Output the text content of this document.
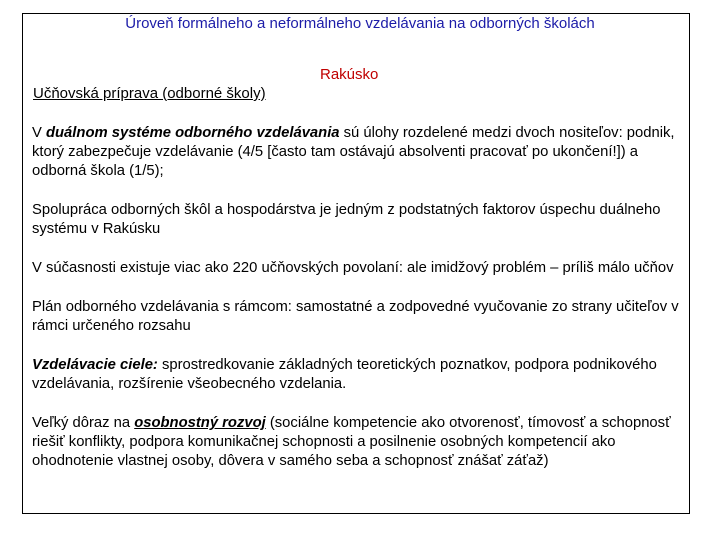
Úroveň formálneho a neformálneho vzdelávania na odborných školách
Rakúsko
Učňovská príprava (odborné školy)

V duálnom systéme odborného vzdelávania sú úlohy rozdelené medzi dvoch nositeľov: podnik, ktorý zabezpečuje vzdelávanie (4/5 [často tam ostávajú absolventi pracovať po ukončení!]) a odborná škola (1/5);

Spolupráca odborných škôl a hospodárstva je jedným z podstatných faktorov úspechu duálneho systému v Rakúsku

V súčasnosti existuje viac ako 220 učňovských povolaní: ale imidžový problém – príliš málo učňov

Plán odborného vzdelávania s rámcom: samostatné a zodpovedné vyučovanie zo strany učiteľov v rámci určeného rozsahu

Vzdelávacie ciele: sprostredkovanie základných teoretických poznatkov, podpora podnikového vzdelávania, rozšírenie všeobecného vzdelania.

Veľký dôraz na osobnostný rozvoj (sociálne kompetencie ako otvorenosť, tímovosť a schopnosť riešiť konflikty, podpora komunikačnej schopnosti a posilnenie osobných kompetencií ako ohodnotenie vlastnej osoby, dôvera v samého seba a schopnosť znášať záťaž)
